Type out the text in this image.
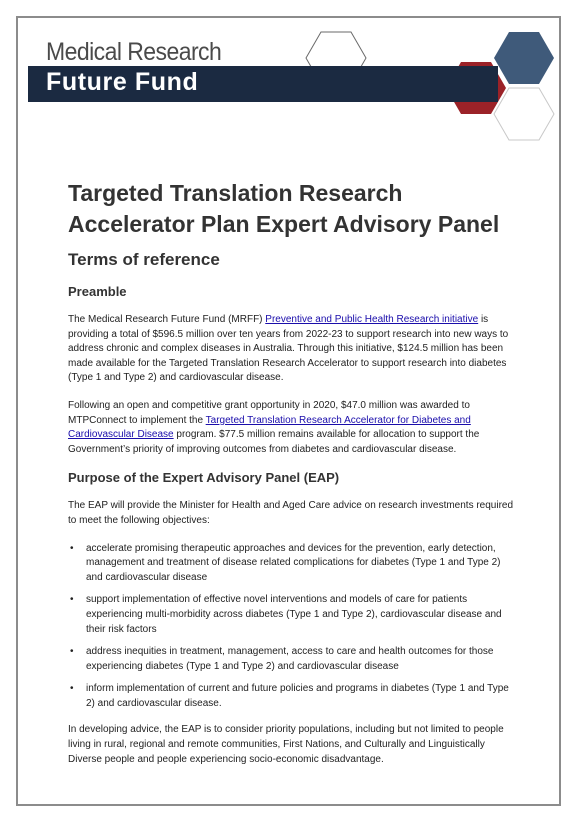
Medical Research
Future Fund
Targeted Translation Research Accelerator Plan Expert Advisory Panel
Terms of reference
Preamble

The Medical Research Future Fund (MRFF) Preventive and Public Health Research initiative is providing a total of $596.5 million over ten years from 2022-23 to support research into new ways to address chronic and complex diseases in Australia. Through this initiative, $124.5 million has been made available for the Targeted Translation Research Accelerator to support research into diabetes (Type 1 and Type 2) and cardiovascular disease.

Following an open and competitive grant opportunity in 2020, $47.0 million was awarded to MTPConnect to implement the Targeted Translation Research Accelerator for Diabetes and Cardiovascular Disease program. $77.5 million remains available for allocation to support the Government’s priority of improving outcomes from diabetes and cardiovascular disease.

Purpose of the Expert Advisory Panel (EAP)

The EAP will provide the Minister for Health and Aged Care advice on research investments required to meet the following objectives:

• accelerate promising therapeutic approaches and devices for the prevention, early detection, management and treatment of disease related complications for diabetes (Type 1 and Type 2) and cardiovascular disease
• support implementation of effective novel interventions and models of care for patients experiencing multi-morbidity across diabetes (Type 1 and Type 2), cardiovascular disease and their risk factors
• address inequities in treatment, management, access to care and health outcomes for those experiencing diabetes (Type 1 and Type 2) and cardiovascular disease
• inform implementation of current and future policies and programs in diabetes (Type 1 and Type 2) and cardiovascular disease.

In developing advice, the EAP is to consider priority populations, including but not limited to people living in rural, regional and remote communities, First Nations, and Culturally and Linguistically Diverse people and people experiencing socio-economic disadvantage.
